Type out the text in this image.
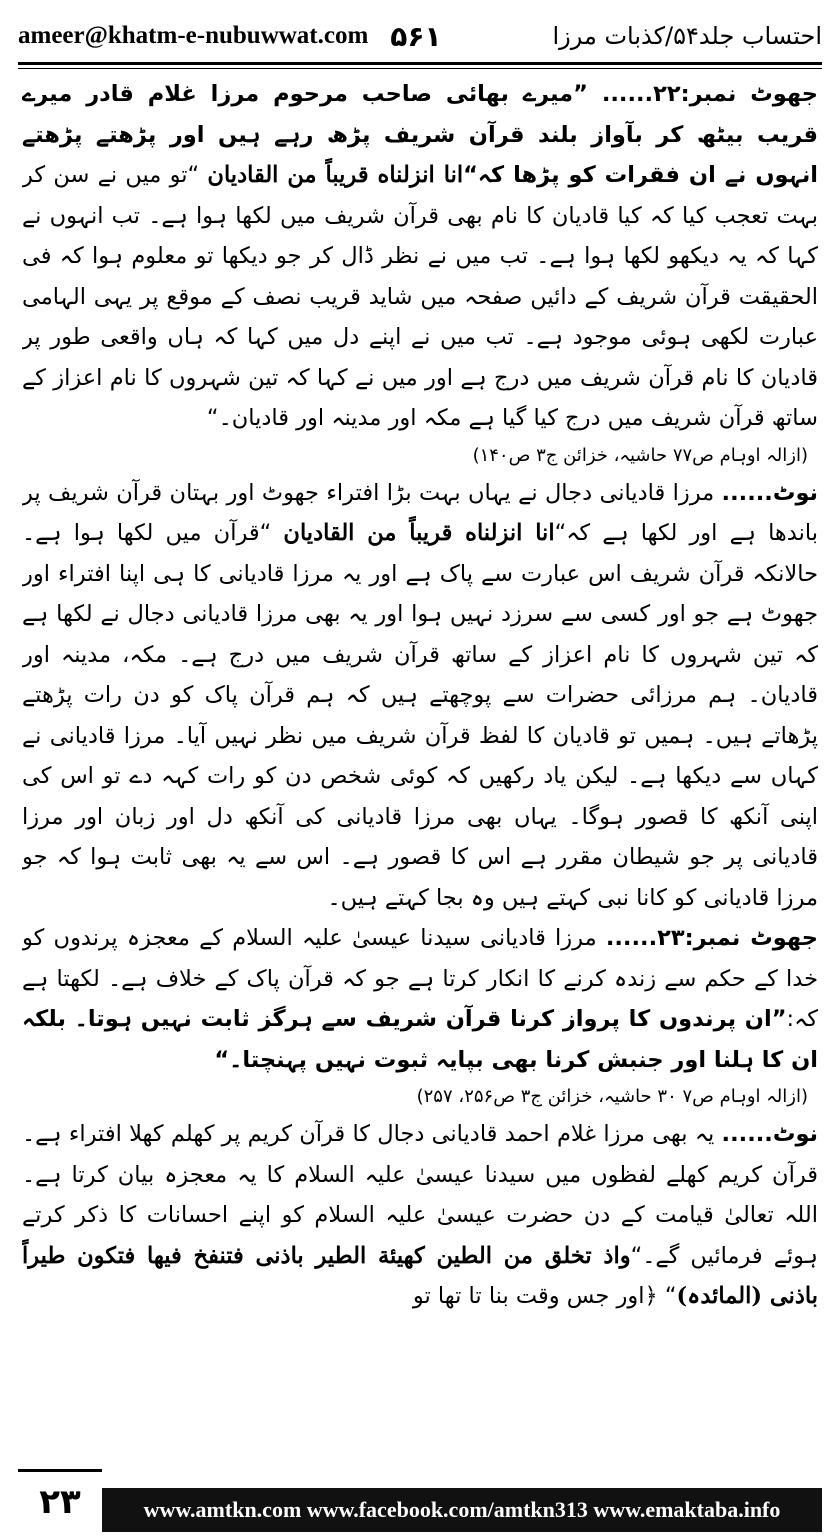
ameer@khatm-e-nubuwwat.com ۵۶۱	احتساب جلد۵۴/کذبات مرزا

جھوٹ نمبر:۲۲...... ”میرے بھائی صاحب مرحوم مرزا غلام قادر میرے قریب بیٹھ کر بآواز بلند قرآن شریف پڑھ رہے ہیں اور پڑھتے پڑھتے انہوں نے ان فقرات کو پڑھا کہ“انا انزلناه قریباً من القادیان “تو میں نے سن کر بہت تعجب کیا کہ کیا قادیان کا نام بھی قرآن شریف میں لکھا ہوا ہے۔ تب انہوں نے کہا کہ یہ دیکھو لکھا ہوا ہے۔ تب میں نے نظر ڈال کر جو دیکھا تو معلوم ہوا کہ فی الحقیقت قرآن شریف کے دائیں صفحہ میں شاید قریب نصف کے موقع پر یہی الہامی عبارت لکھی ہوئی موجود ہے۔ تب میں نے اپنے دل میں کہا کہ ہاں واقعی طور پر قادیان کا نام قرآن شریف میں درج ہے اور میں نے کہا کہ تین شہروں کا نام اعزاز کے ساتھ قرآن شریف میں درج کیا گیا ہے مکہ اور مدینہ اور قادیان۔“

(ازالہ اوہام ص۷۷ حاشیہ، خزائن ج۳ ص۱۴۰)

نوٹ...... مرزا قادیانی دجال نے یہاں بہت بڑا افتراء جھوٹ اور بہتان قرآن شریف پر باندھا ہے اور لکھا ہے کہ“انا انزلناه قریباً من القادیان “قرآن میں لکھا ہوا ہے۔ حالانکہ قرآن شریف اس عبارت سے پاک ہے اور یہ مرزا قادیانی کا ہی اپنا افتراء اور جھوٹ ہے جو اور کسی سے سرزد نہیں ہوا اور یہ بھی مرزا قادیانی دجال نے لکھا ہے کہ تین شہروں کا نام اعزاز کے ساتھ قرآن شریف میں درج ہے۔ مکہ، مدینہ اور قادیان۔ ہم مرزائی حضرات سے پوچھتے ہیں کہ ہم قرآن پاک کو دن رات پڑھتے پڑھاتے ہیں۔ ہمیں تو قادیان کا لفظ قرآن شریف میں نظر نہیں آیا۔ مرزا قادیانی نے کہاں سے دیکھا ہے۔ لیکن یاد رکھیں کہ کوئی شخص دن کو رات کہہ دے تو اس کی اپنی آنکھ کا قصور ہوگا۔ یہاں بھی مرزا قادیانی کی آنکھ دل اور زبان اور مرزا قادیانی پر جو شیطان مقرر ہے اس کا قصور ہے۔ اس سے یہ بھی ثابت ہوا کہ جو مرزا قادیانی کو کانا نبی کہتے ہیں وہ بجا کہتے ہیں۔

جھوٹ نمبر:۲۳...... مرزا قادیانی سیدنا عیسیٰ علیہ السلام کے معجزہ پرندوں کو خدا کے حکم سے زندہ کرنے کا انکار کرتا ہے جو کہ قرآن پاک کے خلاف ہے۔ لکھتا ہے کہ:”ان پرندوں کا پرواز کرنا قرآن شریف سے ہرگز ثابت نہیں ہوتا۔ بلکہ ان کا ہلنا اور جنبش کرنا بھی بپایہ ثبوت نہیں پہنچتا۔“

(ازالہ اوہام ص۷ ۳۰ حاشیہ، خزائن ج۳ ص۲۵۶، ۲۵۷)

نوٹ...... یہ بھی مرزا غلام احمد قادیانی دجال کا قرآن کریم پر کھلم کھلا افتراء ہے۔ قرآن کریم کھلے لفظوں میں سیدنا عیسیٰ علیہ السلام کا یہ معجزہ بیان کرتا ہے۔ اللہ تعالیٰ قیامت کے دن حضرت عیسیٰ علیہ السلام کو اپنے احسانات کا ذکر کرتے ہوئے فرمائیں گے۔“واذ تخلق من الطین کھیئة الطیر باذنی فتنفخ فیھا فتکون طیراً باذنی (المائدہ)“ ﴿اور جس وقت بنا تا تھا تو

۲۳	www.amtkn.com www.facebook.com/amtkn313 www.emaktaba.info
